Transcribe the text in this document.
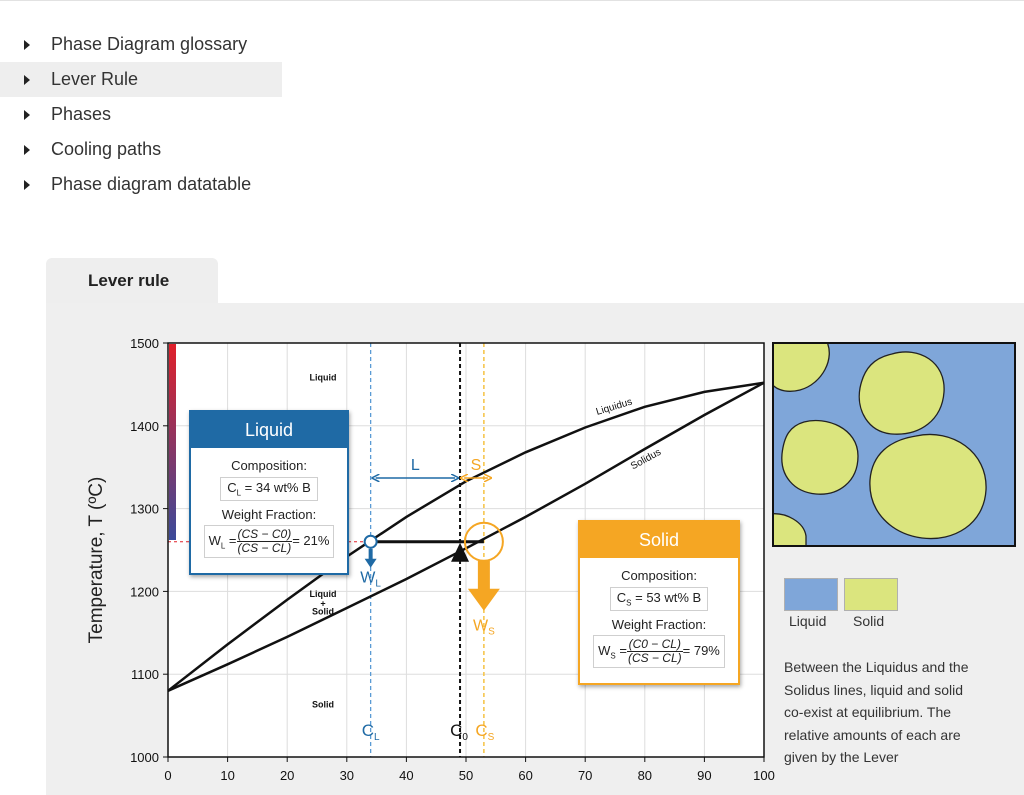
Phase Diagram glossary
Lever Rule
Phases
Cooling paths
Phase diagram datatable
Lever rule
Liquidus
Solidus
Liquid
Liquid
+
Solid
Solid
L	S
$W_L$
$W_S$
$C_L$	$C_0$ $C_S$
0	10	20	30	40	50	60	70	80	90	100
1000
1100
1200
1300
1400
1500
Temperature, T (ºC)
Liquid
Composition:
$C_L = 34$ wt% B
Weight Fraction:
$W_L = \frac{(CS - C0)}{(CS - CL)} = 21\%$	Solid
Composition:
$C_S = 53$ wt% B
Weight Fraction:
$W_S = \frac{(C0 - CL)}{(CS - CL)} = 79\%$
Liquid Solid
Between the Liquidus and the Solidus lines, liquid and solid co-exist at equilibrium. The relative amounts of each are given by the Lever
